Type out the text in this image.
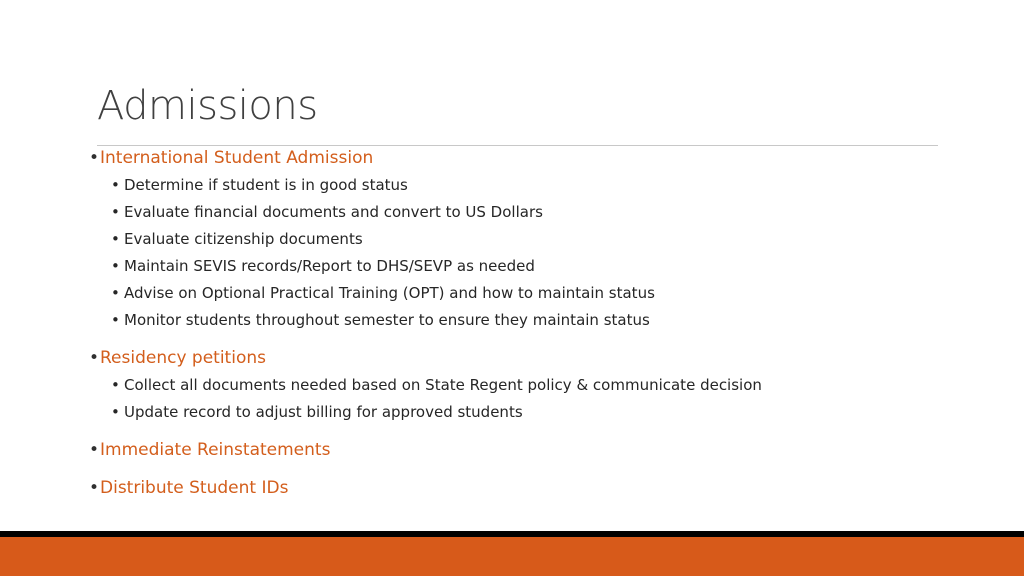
Admissions
• International Student Admission
• Determine if student is in good status
• Evaluate financial documents and convert to US Dollars
• Evaluate citizenship documents
• Maintain SEVIS records/Report to DHS/SEVP as needed
• Advise on Optional Practical Training (OPT) and how to maintain status
• Monitor students throughout semester to ensure they maintain status
• Residency petitions
• Collect all documents needed based on State Regent policy & communicate decision
• Update record to adjust billing for approved students
• Immediate Reinstatements
• Distribute Student IDs
